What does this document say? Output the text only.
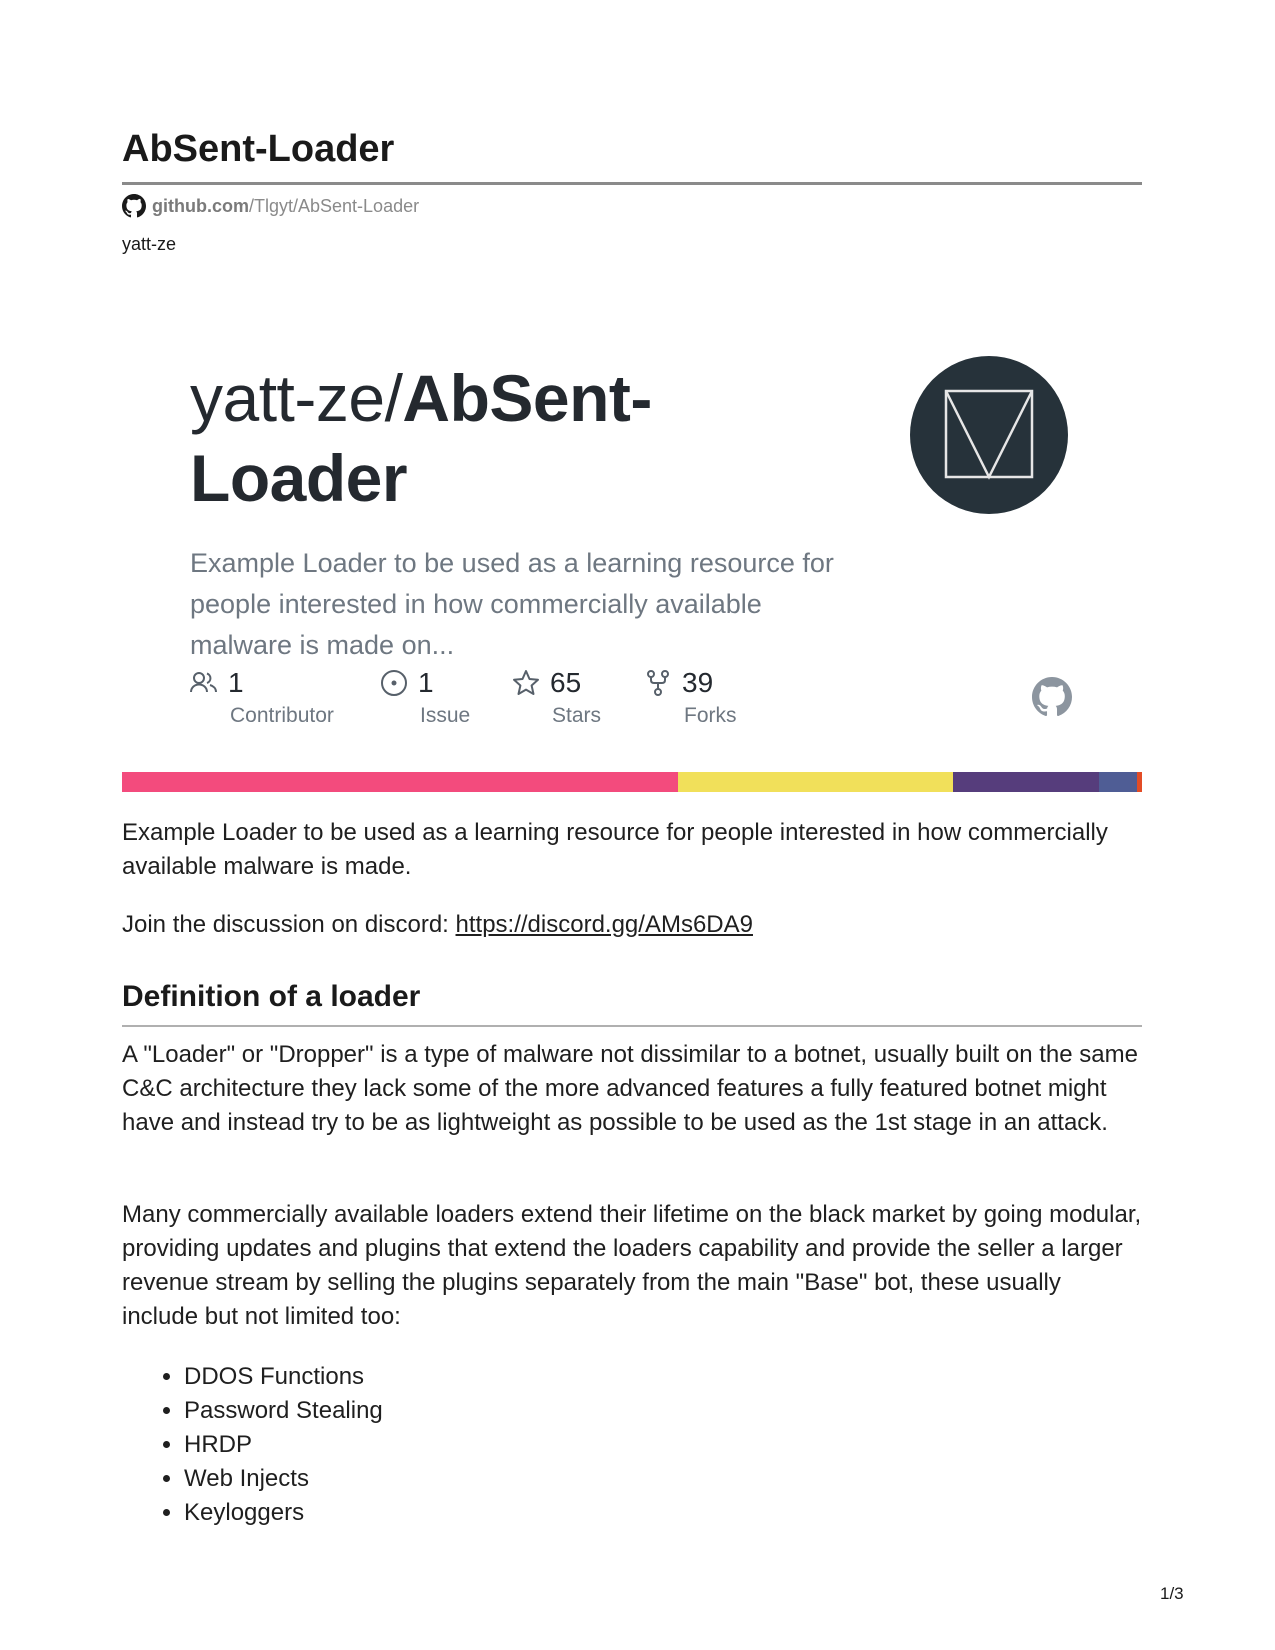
AbSent-Loader
github.com/Tlgyt/AbSent-Loader
yatt-ze
yatt-ze/AbSent-
Loader
Example Loader to be used as a learning resource for people interested in how commercially available malware is made on...
1
Contributor
1
Issue
65
Stars
39
Forks

Example Loader to be used as a learning resource for people interested in how commercially available malware is made.

Join the discussion on discord: https://discord.gg/AMs6DA9

Definition of a loader

A "Loader" or "Dropper" is a type of malware not dissimilar to a botnet, usually built on the same C&C architecture they lack some of the more advanced features a fully featured botnet might have and instead try to be as lightweight as possible to be used as the 1st stage in an attack.

Many commercially available loaders extend their lifetime on the black market by going modular, providing updates and plugins that extend the loaders capability and provide the seller a larger revenue stream by selling the plugins separately from the main "Base" bot, these usually include but not limited too:

• DDOS Functions
• Password Stealing
• HRDP
• Web Injects
• Keyloggers
1/3
